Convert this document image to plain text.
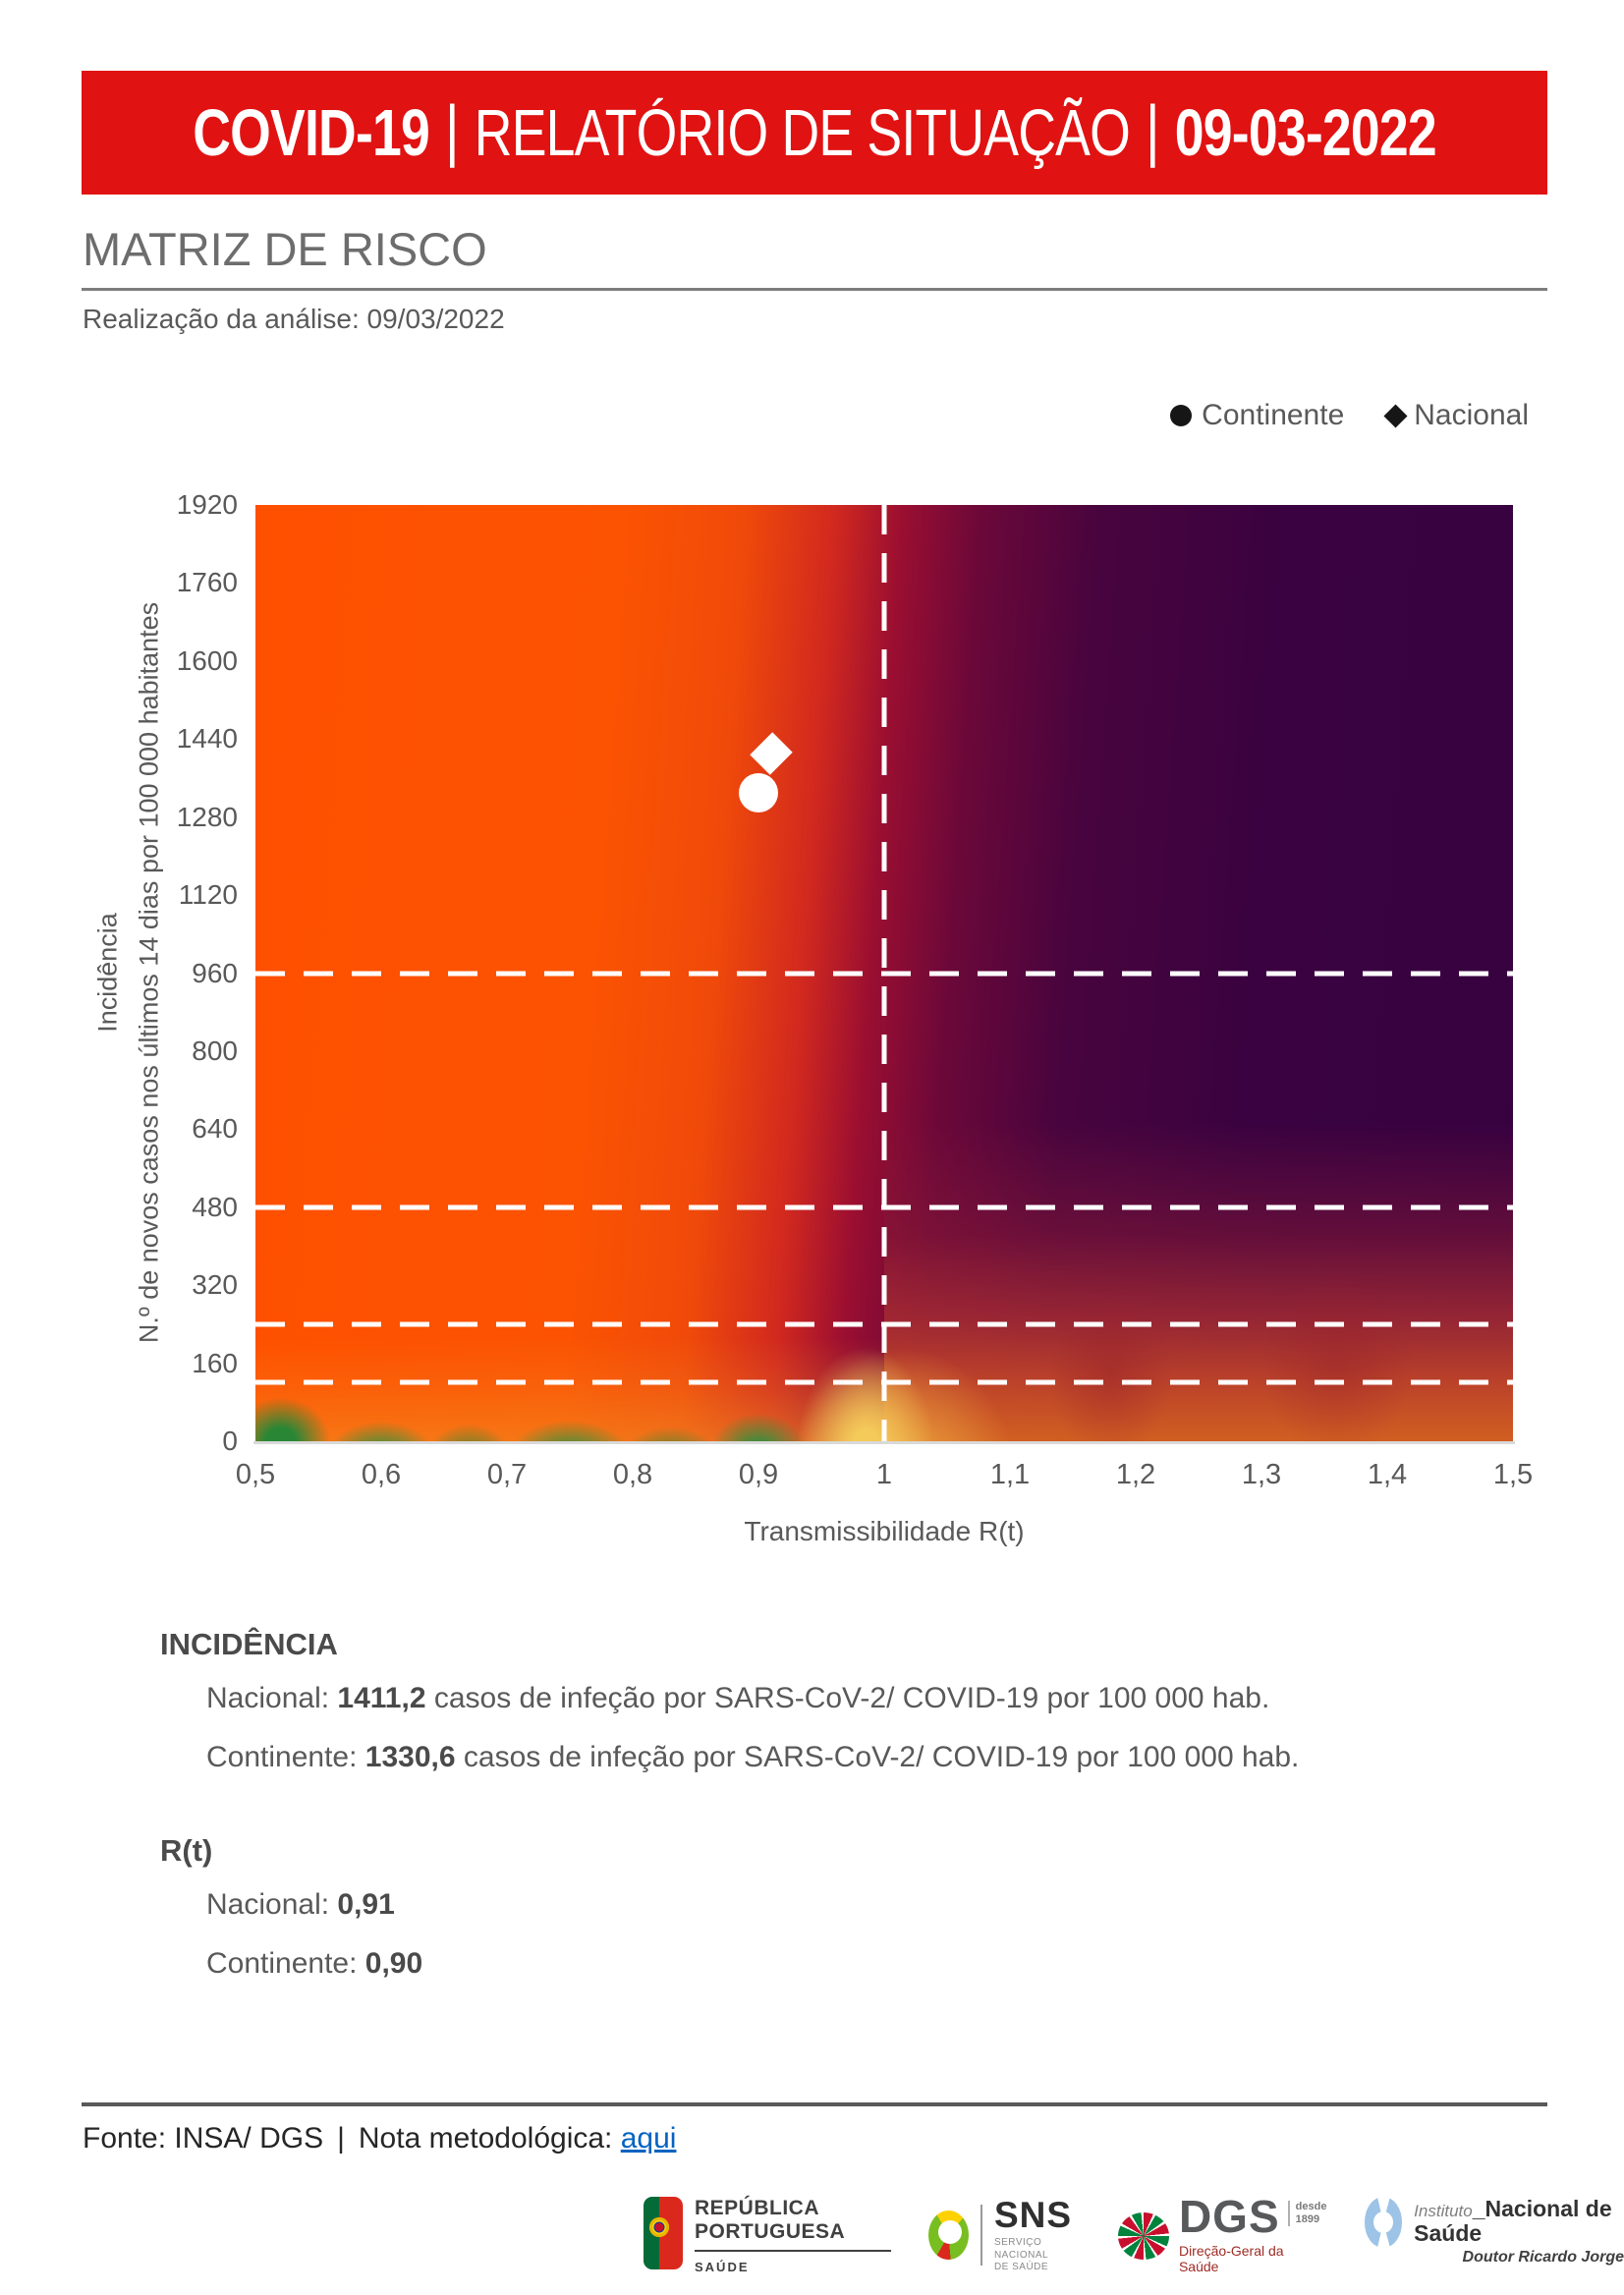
COVID-19 | RELATÓRIO DE SITUAÇÃO | 09-03-2022
MATRIZ DE RISCO
Realização da análise: 09/03/2022
Continente Nacional
1920
1760
1600
1440
1280
1120
960
800
640
480
320
160
0
0,5	0,6	0,7	0,8	0,9	1	1,1	1,2	1,3	1,4	1,5
Incidência N.º de novos casos nos últimos 14 dias por 100 000 habitantes
Transmissibilidade R(t)
INCIDÊNCIA
Nacional: 1411,2 casos de infeção por SARS-CoV-2/ COVID-19 por 100 000 hab.
Continente: 1330,6 casos de infeção por SARS-CoV-2/ COVID-19 por 100 000 hab.
R(t)
Nacional: 0,91
Continente: 0,90
Fonte: INSA/ DGS | Nota metodológica: aqui
REPÚBLICA
PORTUGUESA
SAÚDE
SNS
SERVIÇO NACIONAL
DE SAÚDE
DGS	desde
1899
Direção-Geral da Saúde
Instituto_Nacional de Saúde
Doutor Ricardo Jorge
